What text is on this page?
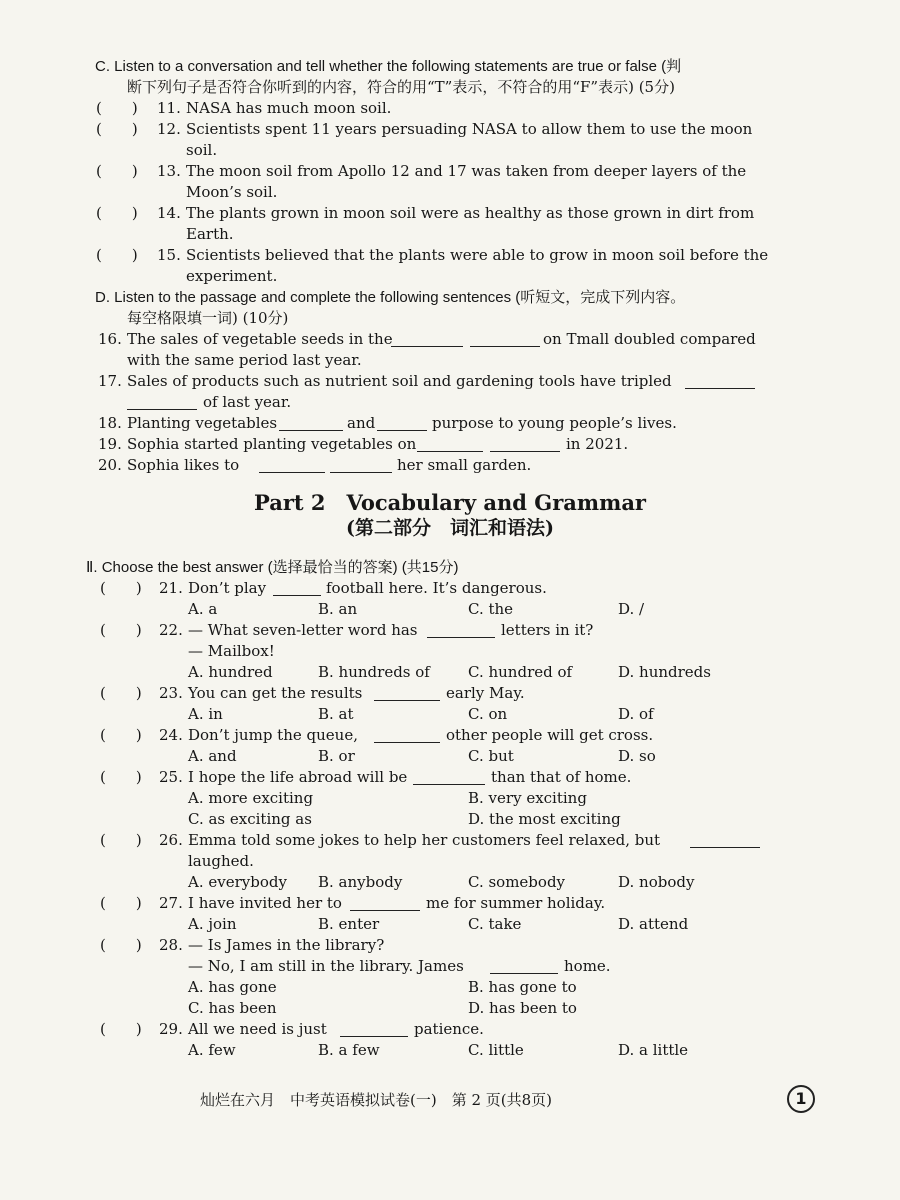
C. Listen to a conversation and tell whether the following statements are true or false (判
断下列句子是否符合你听到的内容，符合的用“T”表示，不符合的用“F”表示) (5分)
(　　) 11. NASA has much moon soil.
(　　) 12. Scientists spent 11 years persuading NASA to allow them to use the moon
soil.
(　　) 13. The moon soil from Apollo 12 and 17 was taken from deeper layers of the
Moon’s soil.
(　　) 14. The plants grown in moon soil were as healthy as those grown in dirt from
Earth.
(　　) 15. Scientists believed that the plants were able to grow in moon soil before the
experiment.
D. Listen to the passage and complete the following sentences (听短文，完成下列内容。
每空格限填一词) (10分)
16. The sales of vegetable seeds in the	on Tmall doubled compared
with the same period last year.
17. Sales of products such as nutrient soil and gardening tools have tripled
of last year.
18. Planting vegetables	and	purpose to young people’s lives.
19. Sophia started planting vegetables on	in 2021.
20. Sophia likes to	her small garden.
Part 2　Vocabulary and Grammar
(第二部分　词汇和语法)
Ⅱ. Choose the best answer (选择最恰当的答案) (共15分)
(　　) 21. Don’t play	football here. It’s dangerous.
A. a	B. an	C. the	D. /
(　　) 22. — What seven-letter word has	letters in it?
— Mailbox!
A. hundred	B. hundreds of	C. hundred of	D. hundreds
(　　) 23. You can get the results	early May.
A. in	B. at	C. on	D. of
(　　) 24. Don’t jump the queue,	other people will get cross.
A. and	B. or	C. but	D. so
(　　) 25. I hope the life abroad will be	than that of home.
A. more exciting	B. very exciting
C. as exciting as	D. the most exciting
(　　) 26. Emma told some jokes to help her customers feel relaxed, but
laughed.
A. everybody B. anybody	C. somebody	D. nobody
(　　) 27. I have invited her to	me for summer holiday.
A. join	B. enter	C. take	D. attend
(　　) 28. — Is James in the library?
— No, I am still in the library. James	home.
A. has gone	B. has gone to
C. has been	D. has been to
(　　) 29. All we need is just	patience.
A. few	B. a few	C. little	D. a little
灿烂在六月　中考英语模拟试卷(一)　第 2 页(共8页)	1
